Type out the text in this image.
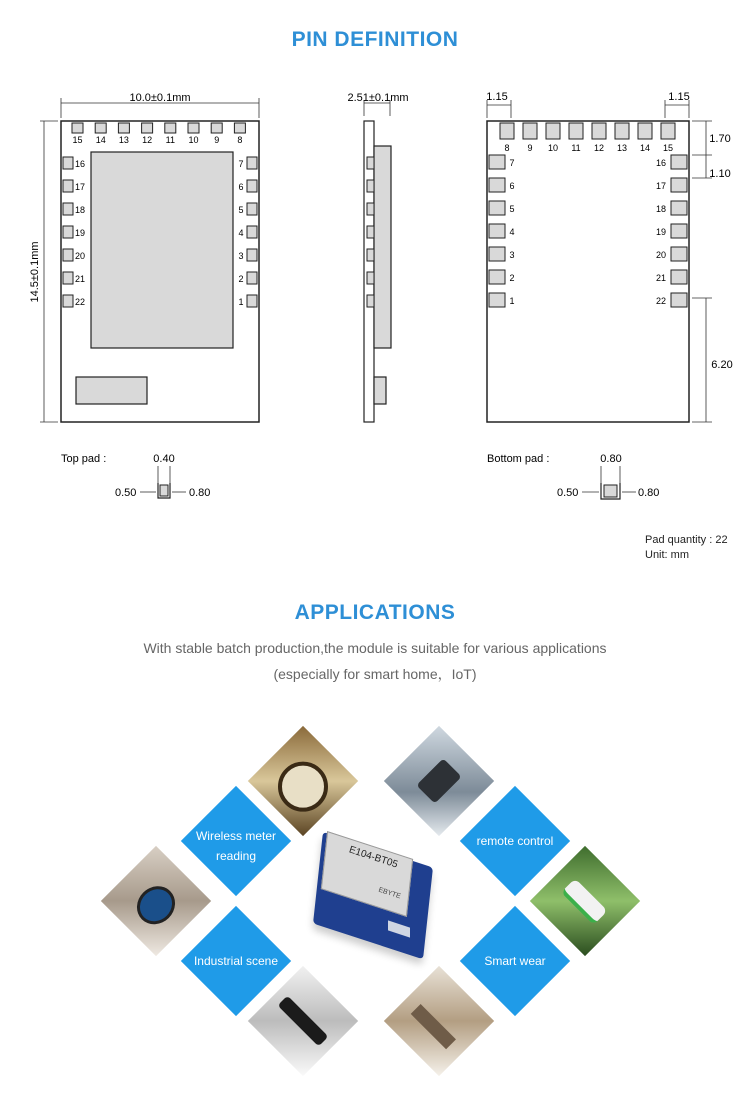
PIN DEFINITION
10.0±0.1mm
14.5±0.1mm
15 14 13 12 11 10 9 8
16
17
18
19
20
21
22
7
6
5
4
3
2
1
2.51±0.1mm	1.15	1.15
8 9 10 11 12 13 14 15
7
6
5
4
3
2
1
16
17
18
19
20
21
22
1.70
1.10
6.20
Top pad :	0.40
0.50	0.80
Bottom pad :	0.80
0.50	0.80
Pad quantity : 22
Unit: mm
APPLICATIONS
With stable batch production,the module is suitable for various applications
(especially for smart home，IoT)
Wireless meter reading
remote control
Industrial scene	Smart wear
E104-BT05
EBYTE
